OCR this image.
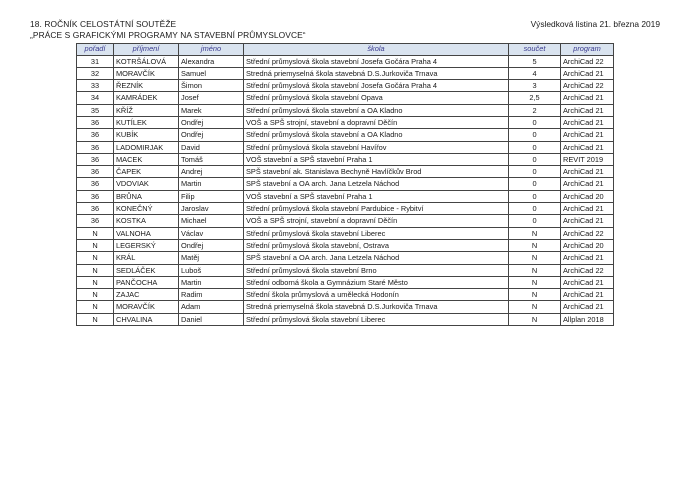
18. ROČNÍK CELOSTÁTNÍ SOUTĚŽE
„PRÁCE S GRAFICKÝMI PROGRAMY NA STAVEBNÍ PRŮMYSLOVCE“
Výsledková listina 21. března 2019
pořadí	příjmení	jméno	škola	součet	program
31	KOTRŠÁLOVÁ	Alexandra	Střední průmyslová škola stavební Josefa Gočára Praha 4	5	ArchiCad 22
32	MORAVČÍK	Samuel	Stredná priemyselná škola stavebná D.S.Jurkoviča Trnava	4	ArchiCad 21
33	ŘEZNÍK	Šimon	Střední průmyslová škola stavební Josefa Gočára Praha 4	3	ArchiCad 22
34	KAMRÁDEK	Josef	Střední průmyslová škola stavební Opava	2,5	ArchiCad 21
35	KŘÍŽ	Marek	Střední průmyslová škola stavební a OA Kladno	2	ArchiCad 21
36	KUTÍLEK	Ondřej	VOŠ a SPŠ strojní, stavební a dopravní Děčín	0	ArchiCad 21
36	KUBÍK	Ondřej	Střední průmyslová škola stavební a OA Kladno	0	ArchiCad 21
36	LADOMIRJAK	David	Střední průmyslová škola stavební Havířov	0	ArchiCad 21
36	MACEK	Tomáš	VOŠ stavební a SPŠ stavební Praha 1	0	REVIT 2019
36	ČAPEK	Andrej	SPŠ stavební ak. Stanislava Bechyně Havlíčkův Brod	0	ArchiCad 21
36	VDOVIAK	Martin	SPŠ stavební a OA arch. Jana Letzela Náchod	0	ArchiCad 21
36	BRŮNA	Filip	VOŠ stavební a SPŠ stavební Praha 1	0	ArchiCad 20
36	KONEČNÝ	Jaroslav	Střední průmyslová škola stavební Pardubice - Rybitví	0	ArchiCad 21
36	KOSTKA	Michael	VOŠ a SPŠ strojní, stavební a dopravní Děčín	0	ArchiCad 21
N	VALNOHA	Václav	Střední průmyslová škola stavební Liberec	N	ArchiCad 22
N	LEGERSKÝ	Ondřej	Střední průmyslová škola stavební, Ostrava	N	ArchiCad 20
N	KRÁL	Matěj	SPŠ stavební a OA arch. Jana Letzela Náchod	N	ArchiCad 21
N	SEDLÁČEK	Luboš	Střední průmyslová škola stavební Brno	N	ArchiCad 22
N	PANČOCHA	Martin	Střední odborná škola a Gymnázium Staré Město	N	ArchiCad 21
N	ZAJAC	Radim	Střední škola průmyslová a umělecká Hodonín	N	ArchiCad 21
N	MORAVČÍK	Adam	Stredná priemyselná škola stavebná D.S.Jurkoviča Trnava	N	ArchiCad 21
N	CHVALINA	Daniel	Střední průmyslová škola stavební Liberec	N	Allplan 2018
